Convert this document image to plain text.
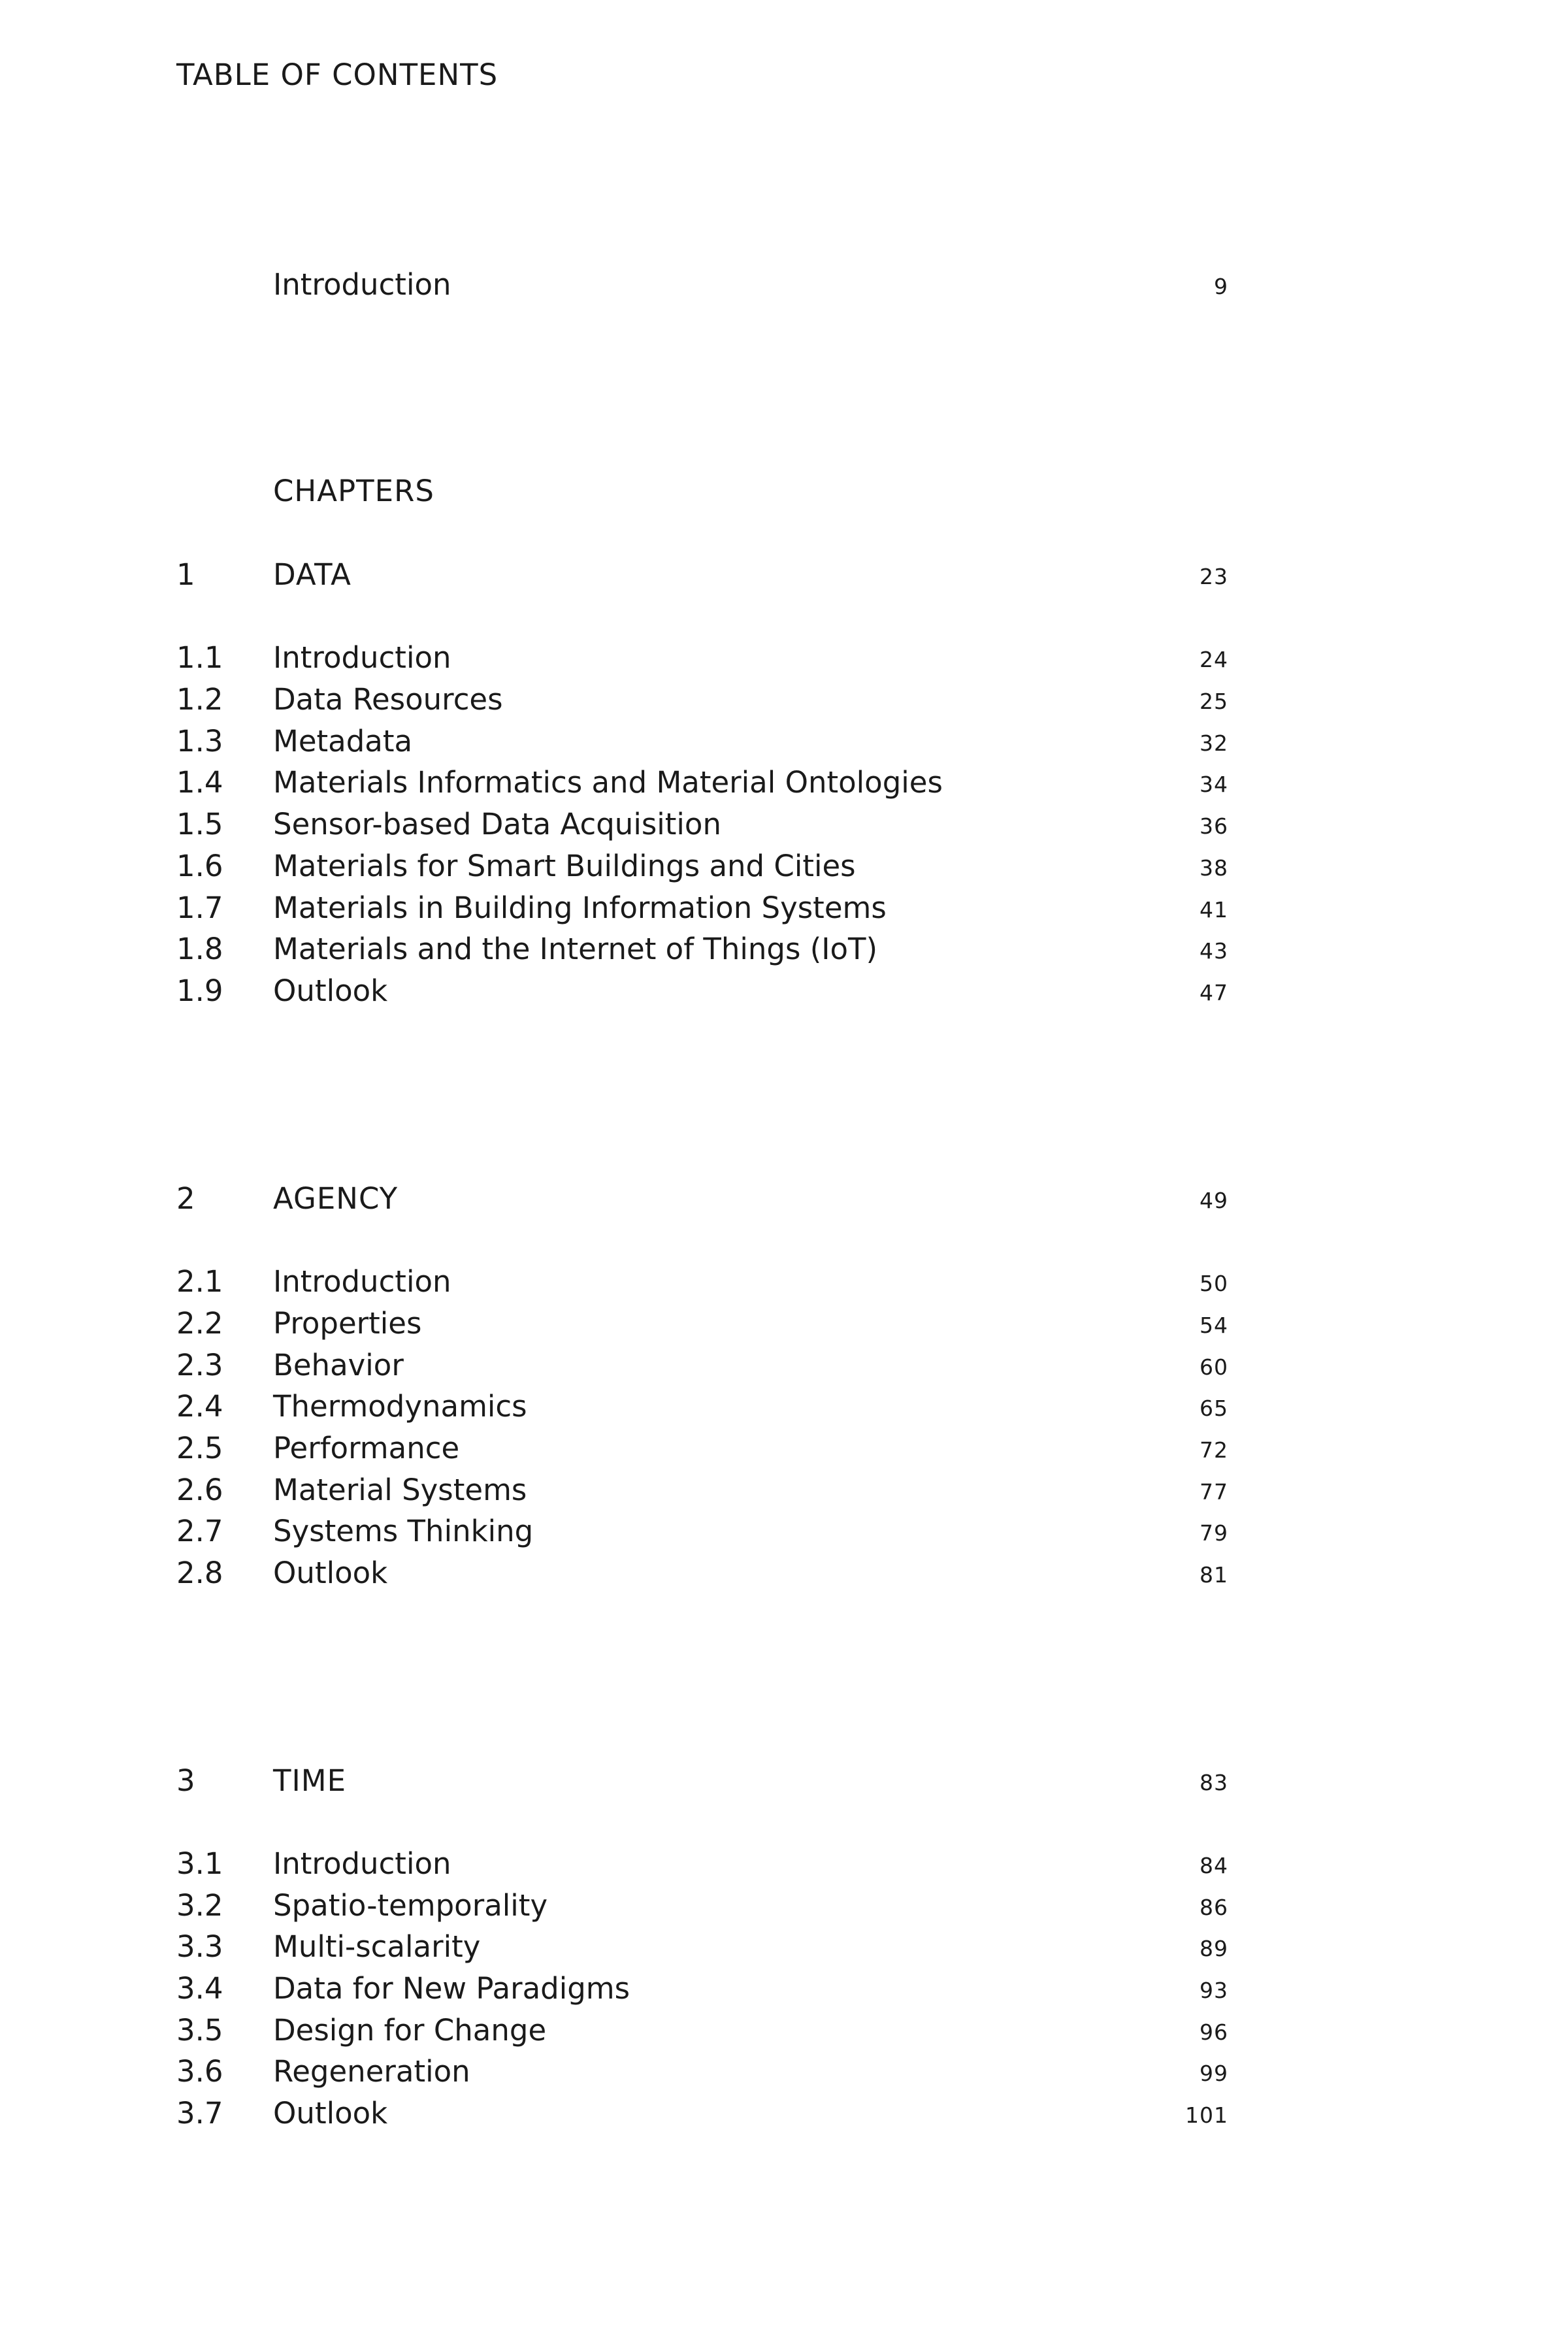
TABLE OF CONTENTS
Introduction	9
CHAPTERS
1	DATA	23
1.1 Introduction	24
1.2 Data Resources	25
1.3 Metadata	32
1.4 Materials Informatics and Material Ontologies	34
1.5 Sensor-based Data Acquisition	36
1.6 Materials for Smart Buildings and Cities	38
1.7 Materials in Building Information Systems	41
1.8 Materials and the Internet of Things (IoT)	43
1.9 Outlook	47
2	AGENCY	49
2.1 Introduction	50
2.2 Properties	54
2.3 Behavior	60
2.4 Thermodynamics	65
2.5 Performance	72
2.6 Material Systems	77
2.7 Systems Thinking	79
2.8 Outlook	81
3	TIME	83
3.1 Introduction	84
3.2 Spatio-temporality	86
3.3 Multi-scalarity	89
3.4 Data for New Paradigms	93
3.5 Design for Change	96
3.6 Regeneration	99
3.7 Outlook	101
